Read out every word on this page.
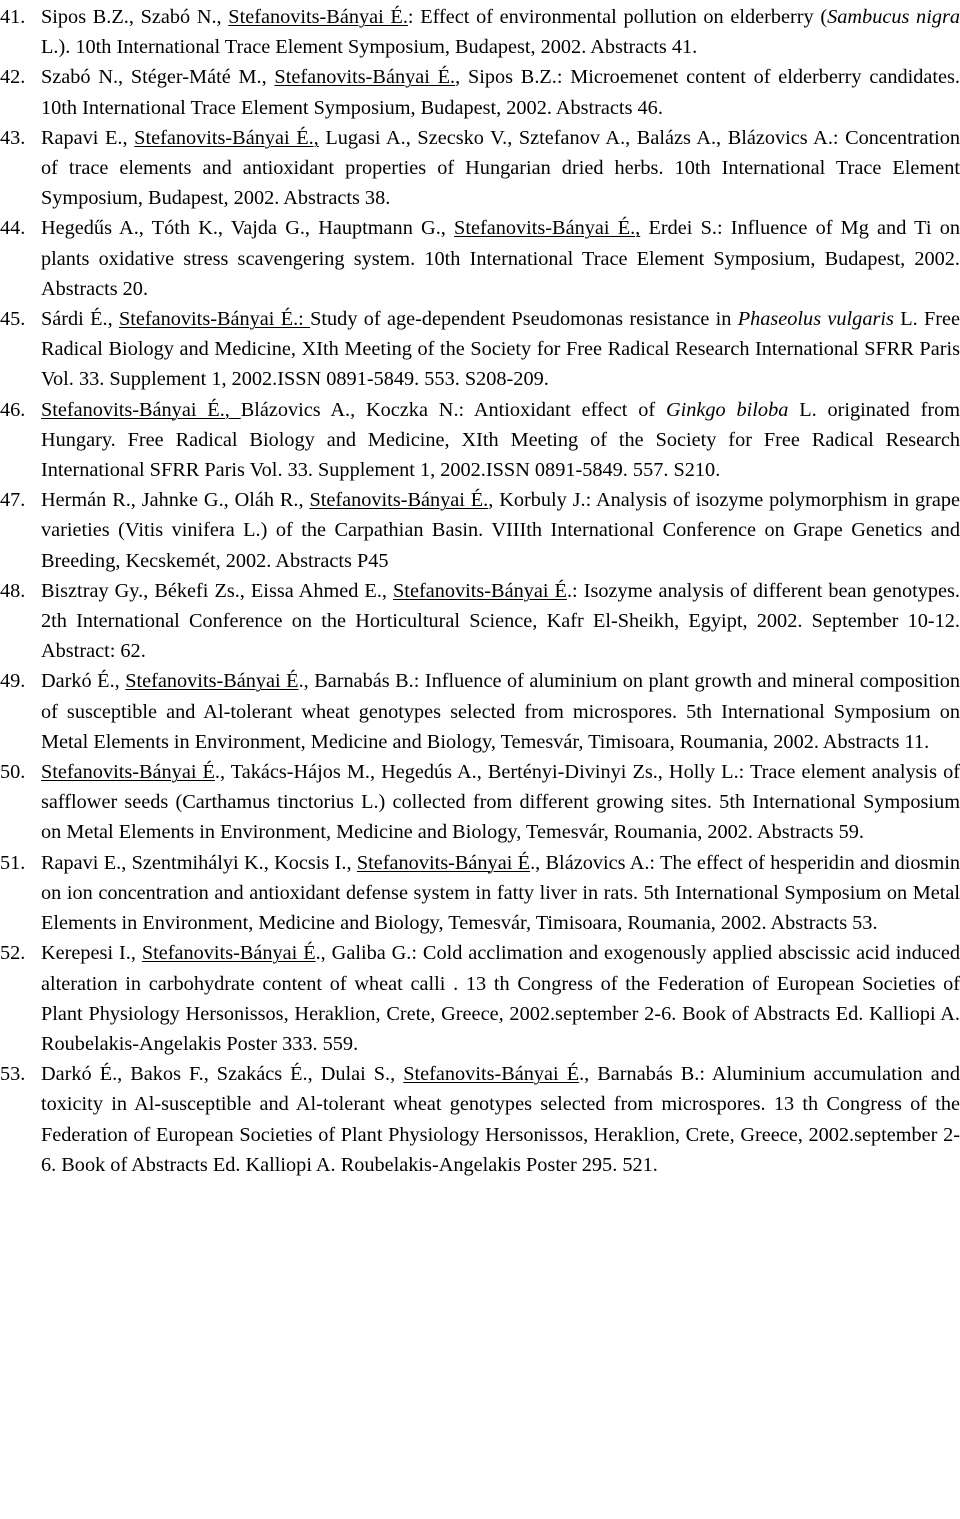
41. Sipos B.Z., Szabó N., Stefanovits-Bányai É.: Effect of environmental pollution on elderberry (Sambucus nigra L.). 10th International Trace Element Symposium, Budapest, 2002. Abstracts 41.
42. Szabó N., Stéger-Máté M., Stefanovits-Bányai É., Sipos B.Z.: Microemenet content of elderberry candidates. 10th International Trace Element Symposium, Budapest, 2002. Abstracts 46.
43. Rapavi E., Stefanovits-Bányai É., Lugasi A., Szecsko V., Sztefanov A., Balázs A., Blázovics A.: Concentration of trace elements and antioxidant properties of Hungarian dried herbs. 10th International Trace Element Symposium, Budapest, 2002. Abstracts 38.
44. Hegedűs A., Tóth K., Vajda G., Hauptmann G., Stefanovits-Bányai É., Erdei S.: Influence of Mg and Ti on plants oxidative stress scavengering system. 10th International Trace Element Symposium, Budapest, 2002. Abstracts 20.
45. Sárdi É., Stefanovits-Bányai É.: Study of age-dependent Pseudomonas resistance in Phaseolus vulgaris L. Free Radical Biology and Medicine, XIth Meeting of the Society for Free Radical Research International SFRR Paris Vol. 33. Supplement 1, 2002.ISSN 0891-5849. 553. S208-209.
46. Stefanovits-Bányai É., Blázovics A., Koczka N.: Antioxidant effect of Ginkgo biloba L. originated from Hungary. Free Radical Biology and Medicine, XIth Meeting of the Society for Free Radical Research International SFRR Paris Vol. 33. Supplement 1, 2002.ISSN 0891-5849. 557. S210.
47. Hermán R., Jahnke G., Oláh R., Stefanovits-Bányai É., Korbuly J.: Analysis of isozyme polymorphism in grape varieties (Vitis vinifera L.) of the Carpathian Basin. VIIIth International Conference on Grape Genetics and Breeding, Kecskemét, 2002. Abstracts P45
48. Bisztray Gy., Békefi Zs., Eissa Ahmed E., Stefanovits-Bányai É.: Isozyme analysis of different bean genotypes. 2th International Conference on the Horticultural Science, Kafr El-Sheikh, Egyipt, 2002. September 10-12. Abstract: 62.
49. Darkó É., Stefanovits-Bányai É., Barnabás B.: Influence of aluminium on plant growth and mineral composition of susceptible and Al-tolerant wheat genotypes selected from microspores. 5th International Symposium on Metal Elements in Environment, Medicine and Biology, Temesvár, Timisoara, Roumania, 2002. Abstracts 11.
50. Stefanovits-Bányai É., Takács-Hájos M., Hegedús A., Bertényi-Divinyi Zs., Holly L.: Trace element analysis of safflower seeds (Carthamus tinctorius L.) collected from different growing sites. 5th International Symposium on Metal Elements in Environment, Medicine and Biology, Temesvár, Roumania, 2002. Abstracts 59.
51. Rapavi E., Szentmihályi K., Kocsis I., Stefanovits-Bányai É., Blázovics A.: The effect of hesperidin and diosmin on ion concentration and antioxidant defense system in fatty liver in rats. 5th International Symposium on Metal Elements in Environment, Medicine and Biology, Temesvár, Timisoara, Roumania, 2002. Abstracts 53.
52. Kerepesi I., Stefanovits-Bányai É., Galiba G.: Cold acclimation and exogenously applied abscissic acid induced alteration in carbohydrate content of wheat calli . 13 th Congress of the Federation of European Societies of Plant Physiology Hersonissos, Heraklion, Crete, Greece, 2002.september 2-6. Book of Abstracts Ed. Kalliopi A. Roubelakis-Angelakis Poster 333. 559.
53. Darkó É., Bakos F., Szakács É., Dulai S., Stefanovits-Bányai É., Barnabás B.: Aluminium accumulation and toxicity in Al-susceptible and Al-tolerant wheat genotypes selected from microspores. 13 th Congress of the Federation of European Societies of Plant Physiology Hersonissos, Heraklion, Crete, Greece, 2002.september 2-6. Book of Abstracts Ed. Kalliopi A. Roubelakis-Angelakis Poster 295. 521.
